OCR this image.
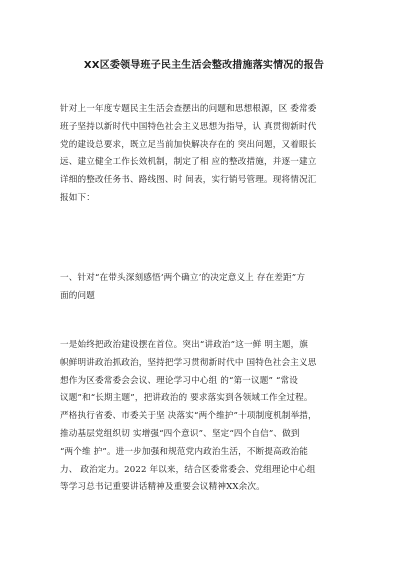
XX区委领导班子民主生活会整改措施落实情况的报告

针对上一年度专题民主生活会查摆出的问题和思想根源，区 委常委
班子坚持以新时代中国特色社会主义思想为指导，认 真贯彻新时代
党的建设总要求，既立足当前加快解决存在的 突出问题，又着眼长
远、建立健全工作长效机制，制定了相 应的整改措施，并逐一建立
详细的整改任务书、路线图、时 间表，实行销号管理。现将情况汇
报如下：

一、针对“在带头深刻感悟‘两个确立’的决定意义上 存在差距”方
面的问题

一是始终把政治建设摆在首位。突出“讲政治”这一鲜 明主题，旗
帜鲜明讲政治抓政治，坚持把学习贯彻新时代中 国特色社会主义思
想作为区委常委会会议、理论学习中心组 的“第一议题” “常设
议题”和“长期主题”，把讲政治的 要求落实到各领域工作全过程。
严格执行省委、市委关于坚 决落实“两个维护”十项制度机制举措，
推动基层党组织切 实增强“四个意识”、坚定“四个自信”、做到
“两个维 护”。进一步加强和规范党内政治生活，不断提高政治能
力、 政治定力。2022 年以来，结合区委常委会、党组理论中心组
等学习总书记重要讲话精神及重要会议精神XX余次。
